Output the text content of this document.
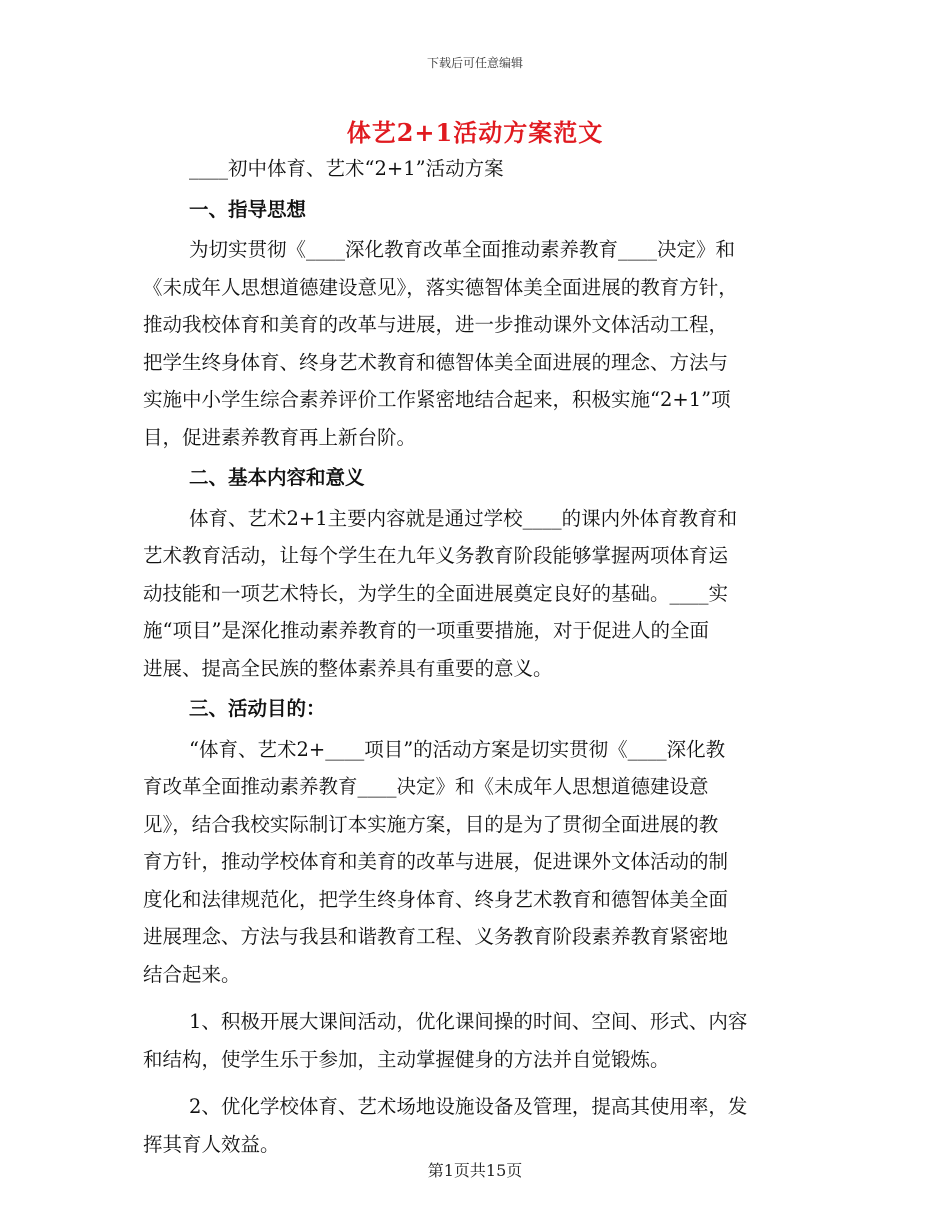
下载后可任意编辑
体艺2+1活动方案范文
____初中体育、艺术“2+1”活动方案
一、指导思想
为切实贯彻《____深化教育改革全面推动素养教育____决定》和
《未成年人思想道德建设意见》，落实德智体美全面进展的教育方针，
推动我校体育和美育的改革与进展，进一步推动课外文体活动工程，
把学生终身体育、终身艺术教育和德智体美全面进展的理念、方法与
实施中小学生综合素养评价工作紧密地结合起来，积极实施“2+1”项
目，促进素养教育再上新台阶。
二、基本内容和意义
体育、艺术2+1主要内容就是通过学校____的课内外体育教育和
艺术教育活动，让每个学生在九年义务教育阶段能够掌握两项体育运
动技能和一项艺术特长，为学生的全面进展奠定良好的基础。____实
施“项目”是深化推动素养教育的一项重要措施，对于促进人的全面
进展、提高全民族的整体素养具有重要的意义。
三、活动目的：
“体育、艺术2+____项目”的活动方案是切实贯彻《____深化教
育改革全面推动素养教育____决定》和《未成年人思想道德建设意
见》，结合我校实际制订本实施方案，目的是为了贯彻全面进展的教
育方针，推动学校体育和美育的改革与进展，促进课外文体活动的制
度化和法律规范化，把学生终身体育、终身艺术教育和德智体美全面
进展理念、方法与我县和谐教育工程、义务教育阶段素养教育紧密地
结合起来。
1、积极开展大课间活动，优化课间操的时间、空间、形式、内容
和结构，使学生乐于参加，主动掌握健身的方法并自觉锻炼。
2、优化学校体育、艺术场地设施设备及管理，提高其使用率，发
挥其育人效益。
第1页共15页
